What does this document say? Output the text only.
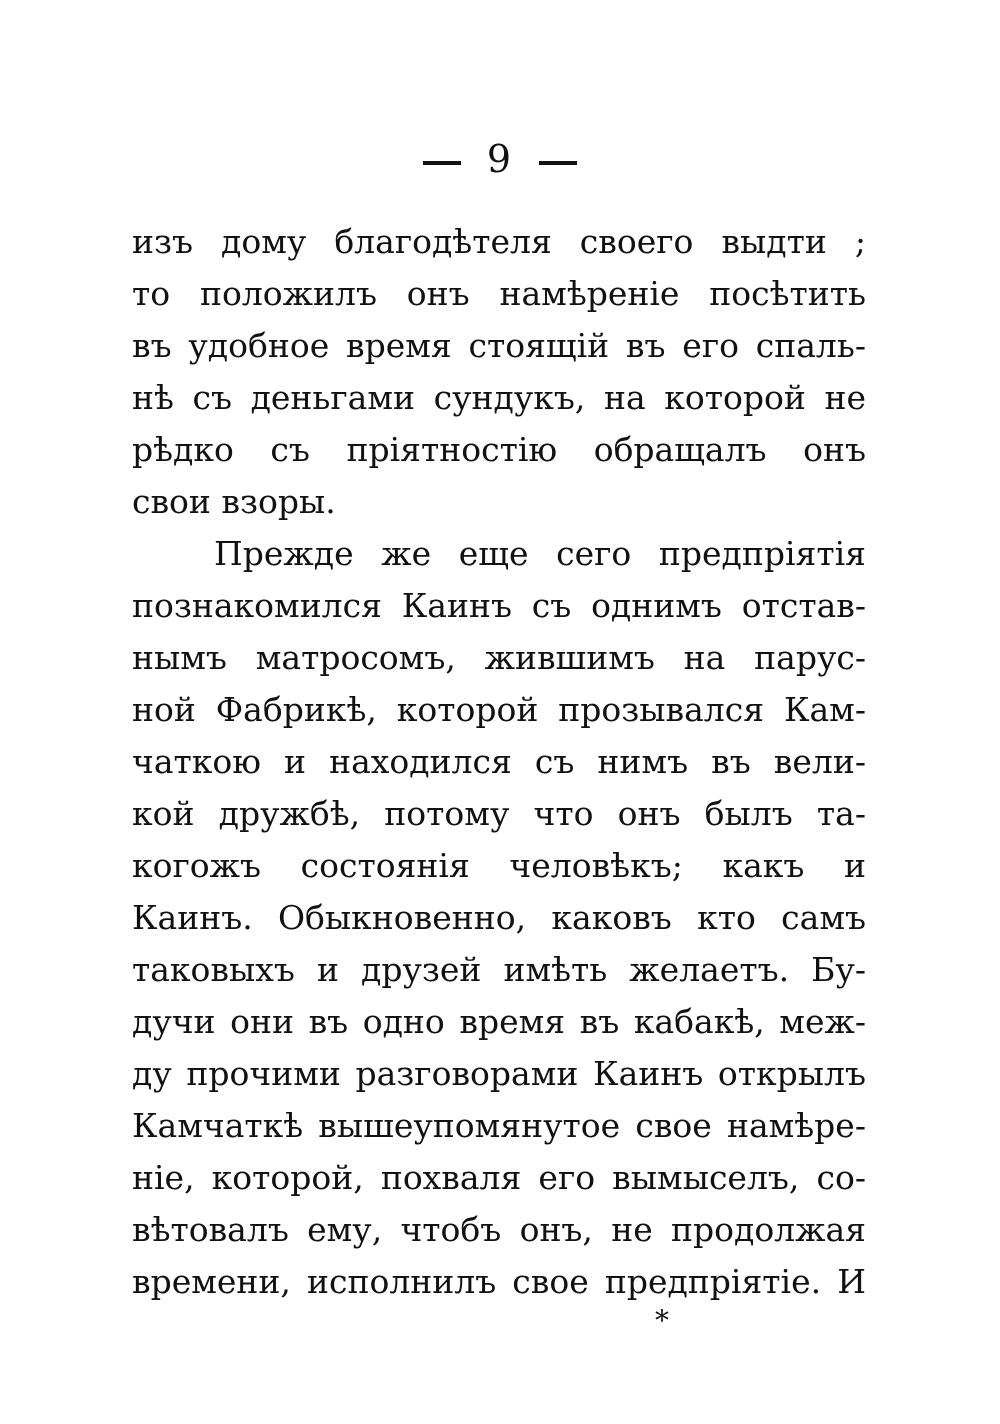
9
изъ дому благодѣтеля своего выдти ;
то положилъ онъ намѣреніе посѣтить
въ удобное время стоящій въ его спаль-
нѣ съ деньгами сундукъ, на которой не
рѣдко съ пріятностію обращалъ онъ
свои взоры.
Прежде же еще сего предпріятія
познакомился Каинъ съ однимъ отстав-
нымъ матросомъ, жившимъ на парус-
ной Фабрикѣ, которой прозывался Кам-
чаткою и находился съ нимъ въ вели-
кой дружбѣ, потому что онъ былъ та-
когожъ состоянія человѣкъ; какъ и
Каинъ. Обыкновенно, каковъ кто самъ
таковыхъ и друзей имѣть желаетъ. Бу-
дучи они въ одно время въ кабакѣ, меж-
ду прочими разговорами Каинъ открылъ
Камчаткѣ вышеупомянутое свое намѣре-
ніе, которой, похваля его вымыселъ, со-
вѣтовалъ ему, чтобъ онъ, не продолжая
времени, исполнилъ свое предпріятіе. И
*
